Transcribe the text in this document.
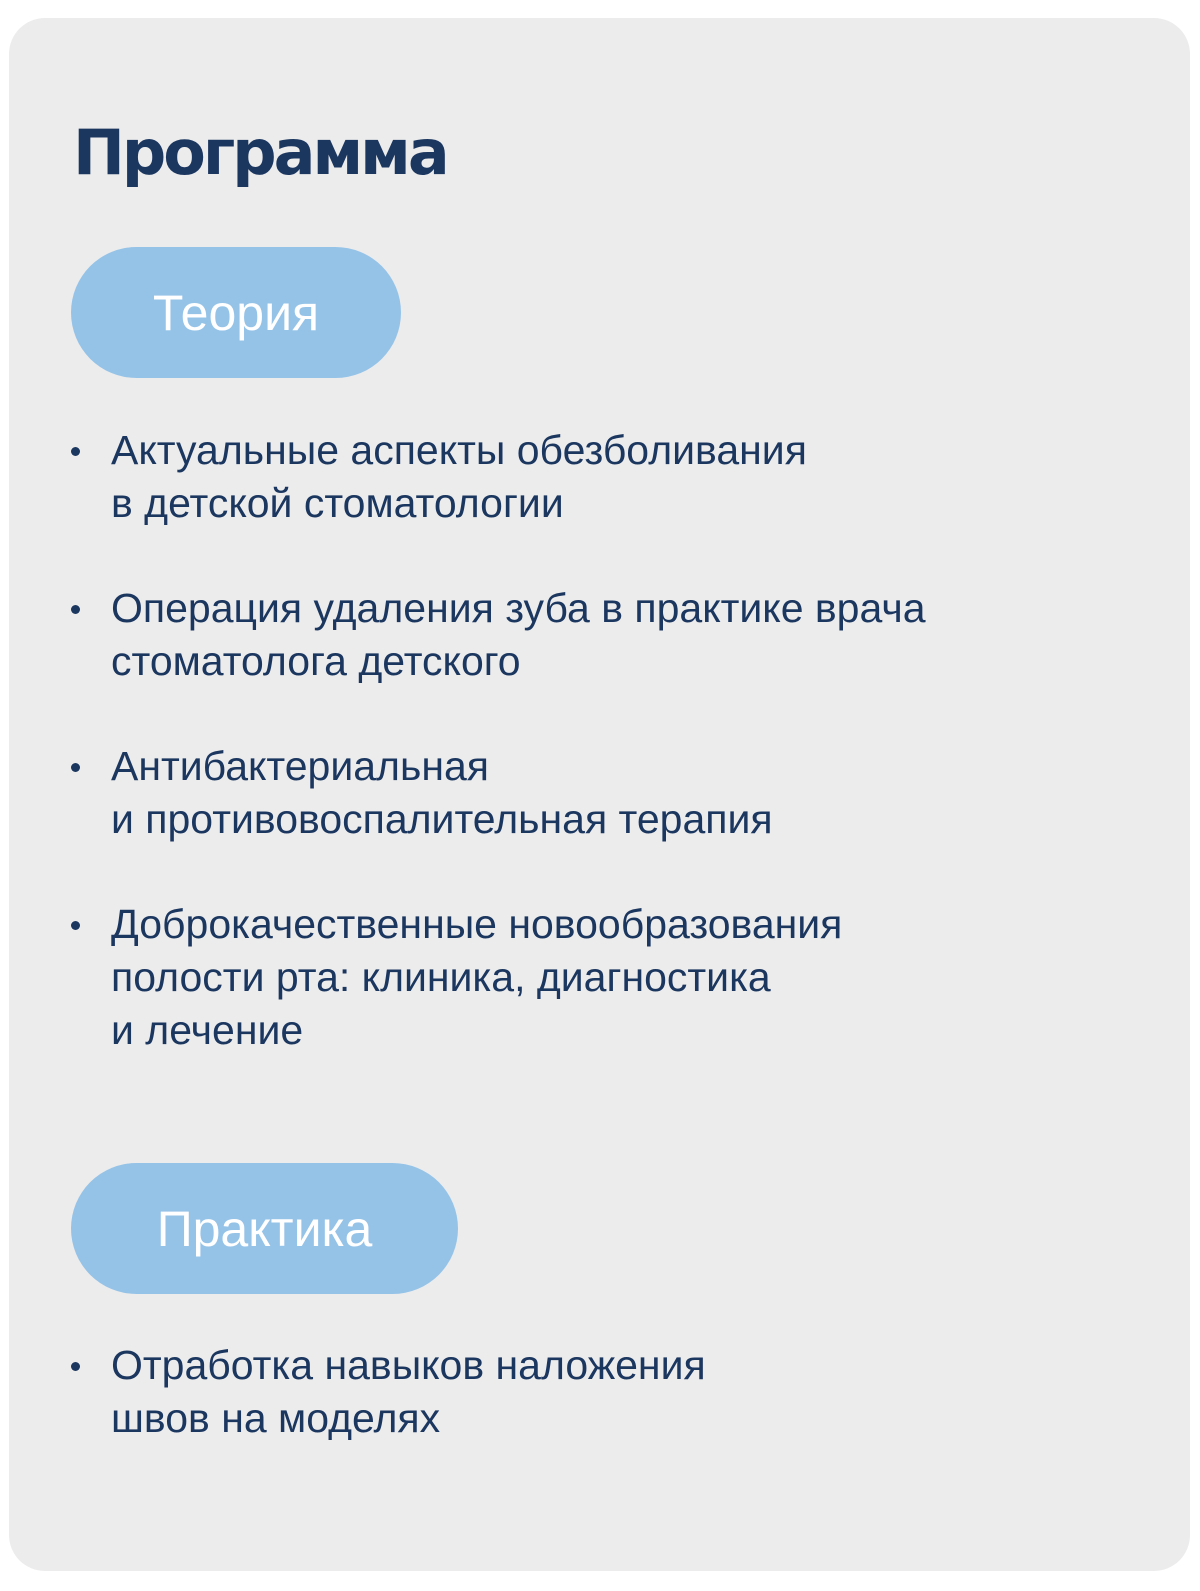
Программа
Теория
Актуальные аспекты обезболивания
в детской стоматологии
Операция удаления зуба в практике врача
стоматолога детского
Антибактериальная
и противовоспалительная терапия
Доброкачественные новообразования
полости рта: клиника, диагностика
и лечение
Практика
Отработка навыков наложения
швов на моделях
